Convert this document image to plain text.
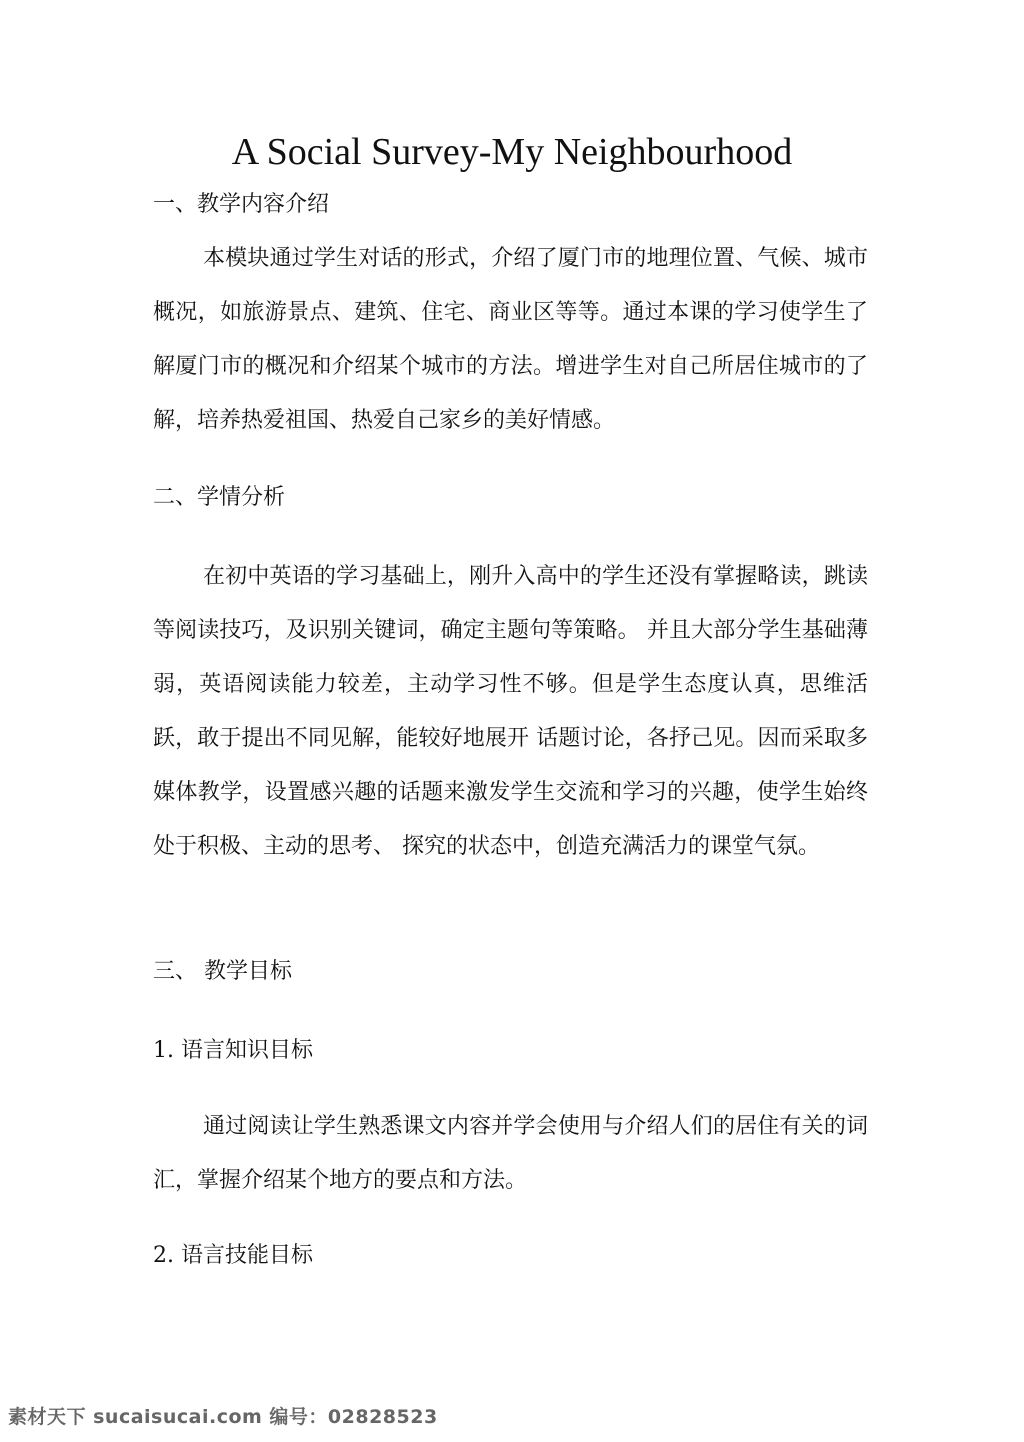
A Social Survey-My Neighbourhood
一、教学内容介绍

本模块通过学生对话的形式，介绍了厦门市的地理位置、气候、城市概况，如旅游景点、建筑、住宅、商业区等等。通过本课的学习使学生了解厦门市的概况和介绍某个城市的方法。增进学生对自己所居住城市的了解，培养热爱祖国、热爱自己家乡的美好情感。

二、学情分析

在初中英语的学习基础上，刚升入高中的学生还没有掌握略读，跳读等阅读技巧，及识别关键词，确定主题句等策略。 并且大部分学生基础薄弱，英语阅读能力较差，主动学习性不够。但是学生态度认真，思维活跃，敢于提出不同见解，能较好地展开 话题讨论，各抒己见。因而采取多媒体教学，设置感兴趣的话题来激发学生交流和学习的兴趣，使学生始终处于积极、主动的思考、 探究的状态中，创造充满活力的课堂气氛。

三、 教学目标
1. 语言知识目标

通过阅读让学生熟悉课文内容并学会使用与介绍人们的居住有关的词汇，掌握介绍某个地方的要点和方法。

2. 语言技能目标
素材天下 sucaisucai.com 编号：02828523
